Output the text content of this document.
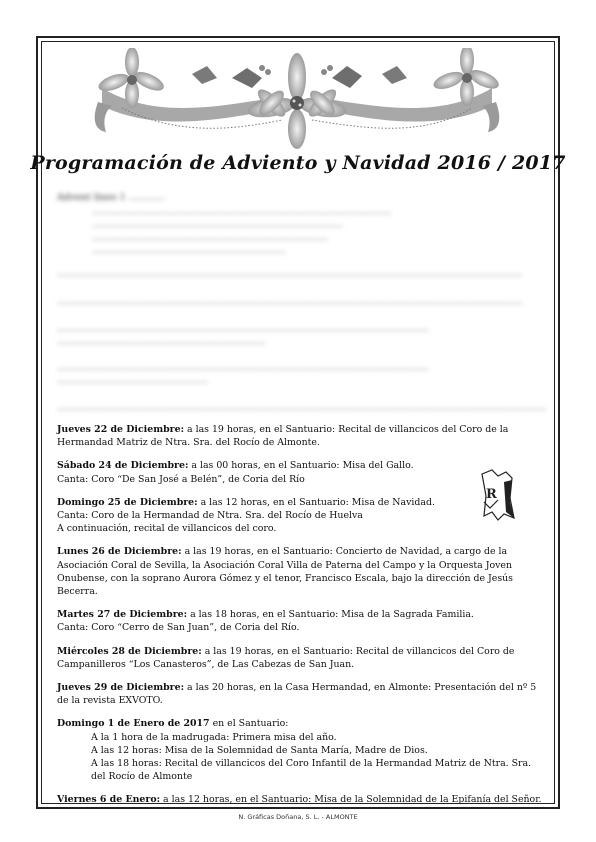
Programación de Adviento y Navidad 2016 / 2017
Advent lines 1 ............
...................................................................................................
...................................................................................
..............................................................................
................................................................
..........................................................................................................................................................
..........................................................................................................................................................
...........................................................................................................................
.....................................................................
...........................................................................................................................
..................................................
..................................................................................................................................................................
Jueves 22 de Diciembre: a las 19 horas, en el Santuario: Recital de villancicos del Coro de la Hermandad Matriz de Ntra. Sra. del Rocío de Almonte.
Sábado 24 de Diciembre: a las 00 horas, en el Santuario: Misa del Gallo.
Canta: Coro “De San José a Belén”, de Coria del Río
Domingo 25 de Diciembre: a las 12 horas, en el Santuario: Misa de Navidad.
Canta: Coro de la Hermandad de Ntra. Sra. del Rocío de Huelva
A continuación, recital de villancicos del coro.
Lunes 26 de Diciembre: a las 19 horas, en el Santuario: Concierto de Navidad, a cargo de la Asociación Coral de Sevilla, la Asociación Coral Villa de Paterna del Campo y la Orquesta Joven Onubense, con la soprano Aurora Gómez y el tenor, Francisco Escala, bajo la dirección de Jesús Becerra.
Martes 27 de Diciembre: a las 18 horas, en el Santuario: Misa de la Sagrada Familia.
Canta: Coro “Cerro de San Juan”, de Coria del Río.
Miércoles 28 de Diciembre: a las 19 horas, en el Santuario: Recital de villancicos del Coro de Campanilleros “Los Canasteros”, de Las Cabezas de San Juan.
Jueves 29 de Diciembre: a las 20 horas, en la Casa Hermandad, en Almonte: Presentación del nº 5 de la revista EXVOTO.
Domingo 1 de Enero de 2017 en el Santuario:
A la 1 hora de la madrugada: Primera misa del año.
A las 12 horas: Misa de la Solemnidad de Santa María, Madre de Dios.
A las 18 horas: Recital de villancicos del Coro Infantil de la Hermandad Matriz de Ntra. Sra. del Rocío de Almonte
Viernes 6 de Enero: a las 12 horas, en el Santuario: Misa de la Solemnidad de la Epifanía del Señor.
R
N. Gráficas Doñana, S. L. - ALMONTE
